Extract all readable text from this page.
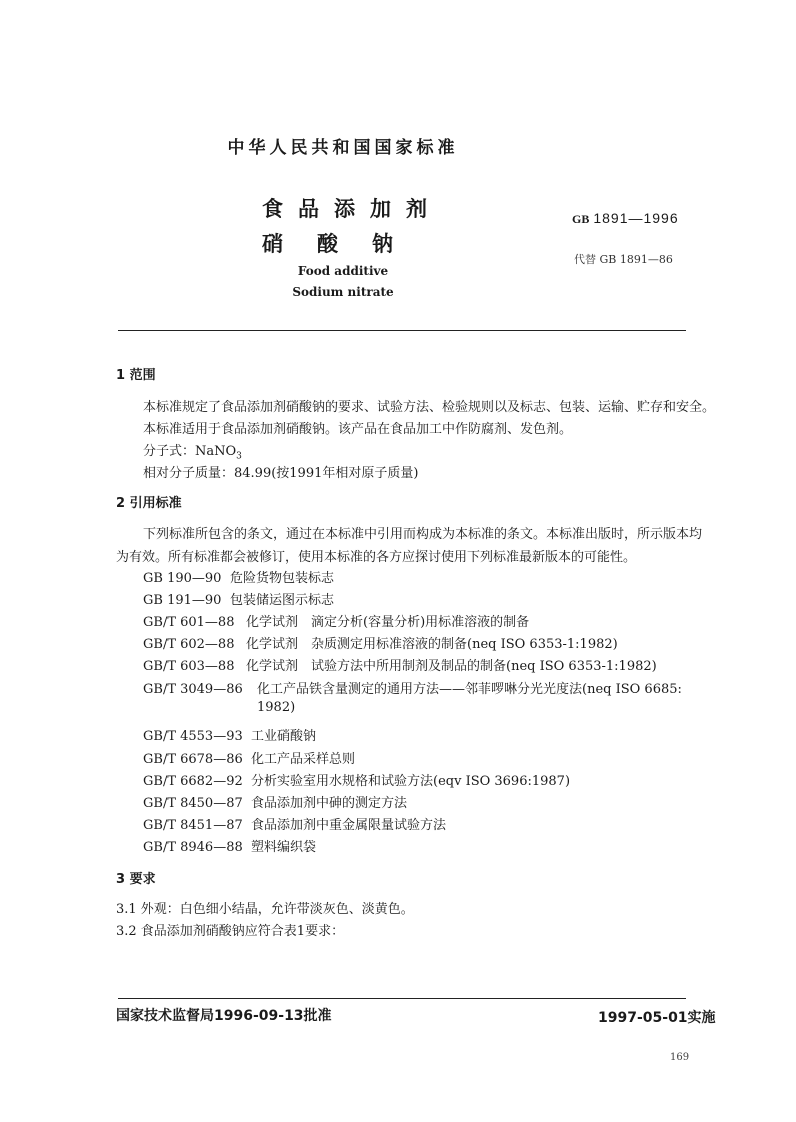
中华人民共和国国家标准
食品添加剂
硝酸钠
Food additive
Sodium nitrate
GB 1891—1996
代替 GB 1891—86
1 范围
本标准规定了食品添加剂硝酸钠的要求、试验方法、检验规则以及标志、包装、运输、贮存和安全。
本标准适用于食品添加剂硝酸钠。该产品在食品加工中作防腐剂、发色剂。
分子式：NaNO$_3$
相对分子质量：84.99(按1991年相对原子质量)
2 引用标准
下列标准所包含的条文，通过在本标准中引用而构成为本标准的条文。本标准出版时，所示版本均
为有效。所有标准都会被修订，使用本标准的各方应探讨使用下列标准最新版本的可能性。
GB 190—90 危险货物包装标志
GB 191—90 包装储运图示标志
GB/T 601—88 化学试剂　滴定分析(容量分析)用标准溶液的制备
GB/T 602—88 化学试剂　杂质测定用标准溶液的制备(neq ISO 6353-1:1982)
GB/T 603—88 化学试剂　试验方法中所用制剂及制品的制备(neq ISO 6353-1:1982)
GB/T 3049—86 化工产品铁含量测定的通用方法——邻菲啰啉分光光度法(neq ISO 6685:
1982)
GB/T 4553—93 工业硝酸钠
GB/T 6678—86 化工产品采样总则
GB/T 6682—92 分析实验室用水规格和试验方法(eqv ISO 3696:1987)
GB/T 8450—87 食品添加剂中砷的测定方法
GB/T 8451—87 食品添加剂中重金属限量试验方法
GB/T 8946—88 塑料编织袋
3 要求
3.1 外观：白色细小结晶，允许带淡灰色、淡黄色。
3.2 食品添加剂硝酸钠应符合表1要求：
国家技术监督局1996-09-13批准	1997-05-01实施
169
